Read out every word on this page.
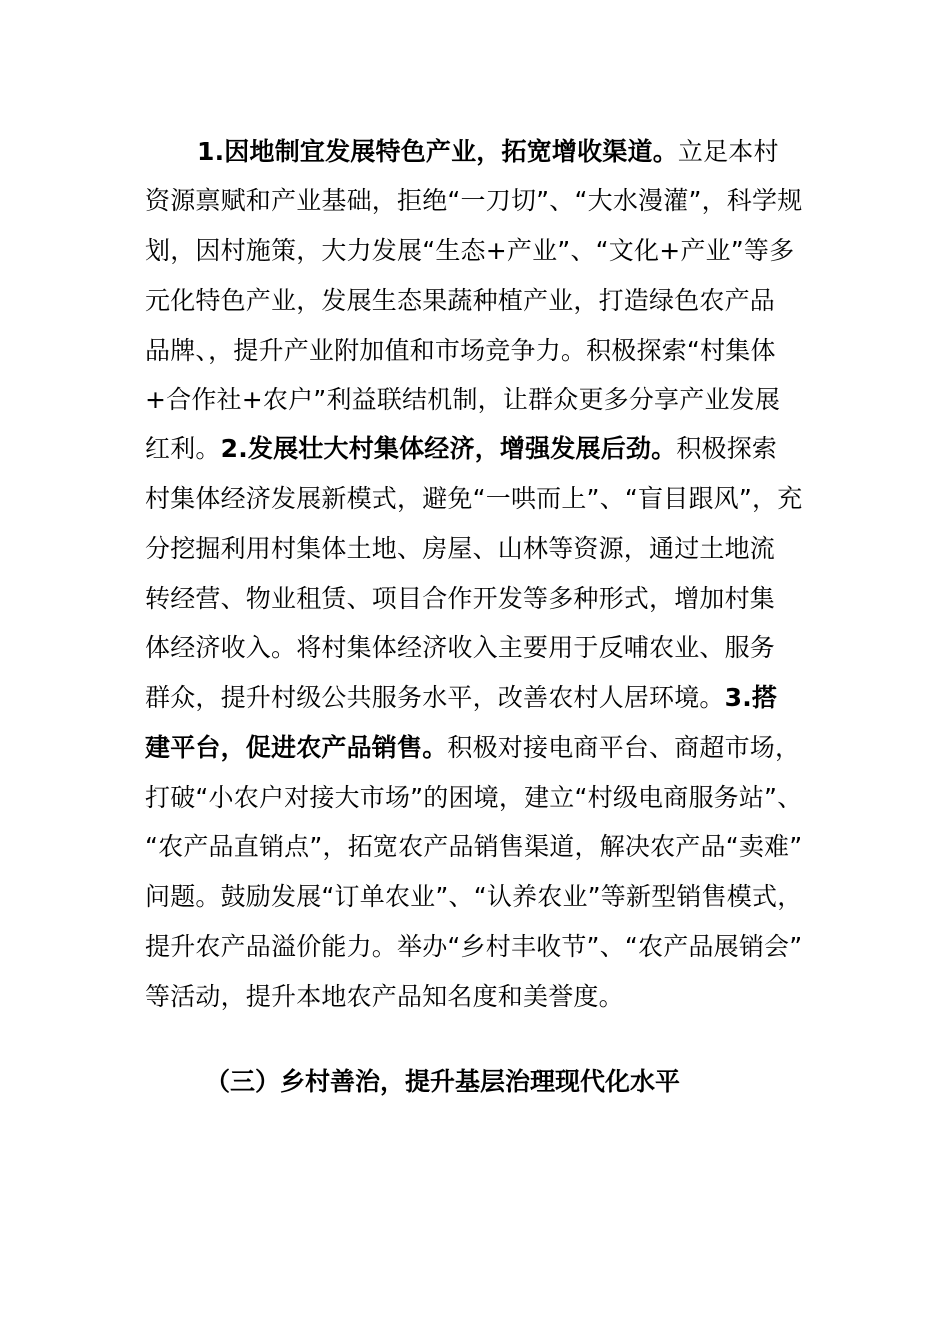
1.因地制宜发展特色产业，拓宽增收渠道。立足本村
资源禀赋和产业基础，拒绝“一刀切”、“大水漫灌”，科学规
划，因村施策，大力发展“生态+产业”、“文化+产业”等多
元化特色产业，发展生态果蔬种植产业，打造绿色农产品
品牌、，提升产业附加值和市场竞争力。积极探索“村集体
+合作社+农户”利益联结机制，让群众更多分享产业发展
红利。2.发展壮大村集体经济，增强发展后劲。积极探索
村集体经济发展新模式，避免“一哄而上”、“盲目跟风”，充
分挖掘利用村集体土地、房屋、山林等资源，通过土地流
转经营、物业租赁、项目合作开发等多种形式，增加村集
体经济收入。将村集体经济收入主要用于反哺农业、服务
群众，提升村级公共服务水平，改善农村人居环境。3.搭
建平台，促进农产品销售。积极对接电商平台、商超市场，
打破“小农户对接大市场”的困境，建立“村级电商服务站”、
“农产品直销点”，拓宽农产品销售渠道，解决农产品“卖难”
问题。鼓励发展“订单农业”、“认养农业”等新型销售模式，
提升农产品溢价能力。举办“乡村丰收节”、“农产品展销会”
等活动，提升本地农产品知名度和美誉度。
（三）乡村善治，提升基层治理现代化水平
